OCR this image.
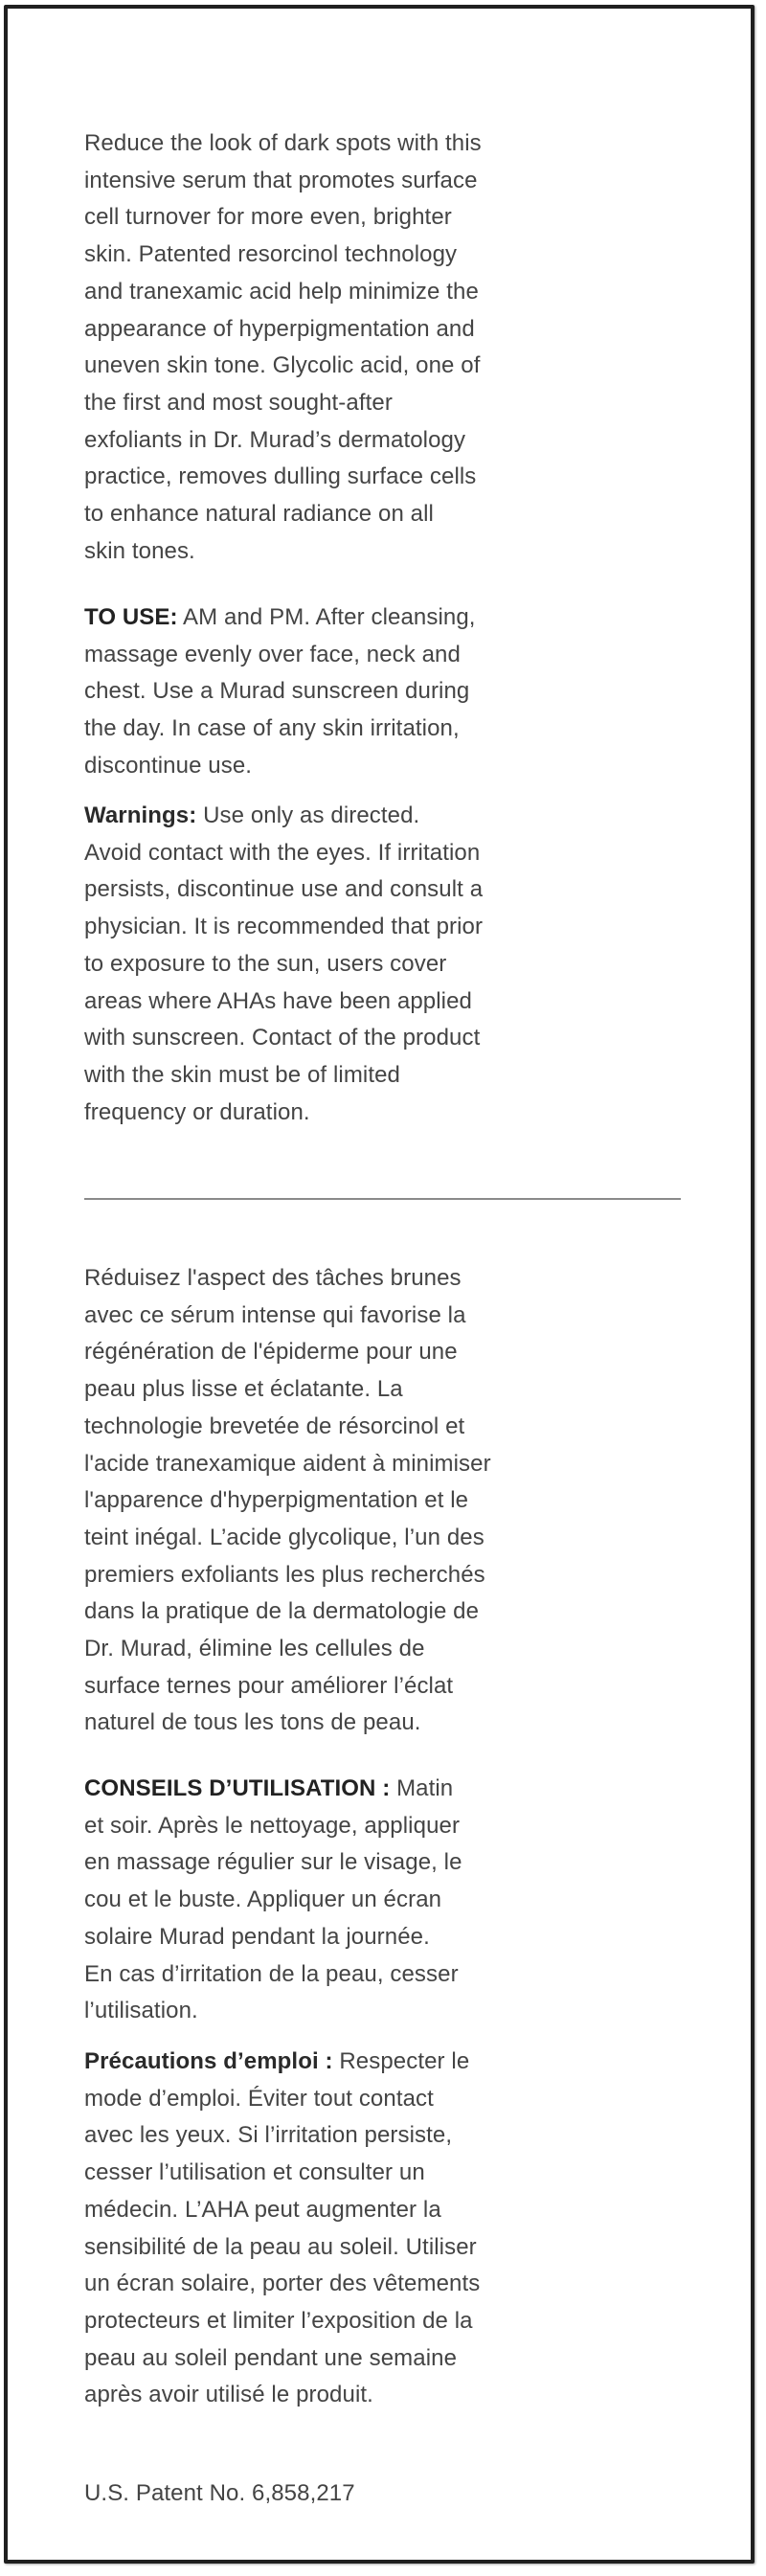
Reduce the look of dark spots with this
intensive serum that promotes surface
cell turnover for more even, brighter
skin. Patented resorcinol technology
and tranexamic acid help minimize the
appearance of hyperpigmentation and
uneven skin tone. Glycolic acid, one of
the first and most sought-after
exfoliants in Dr. Murad’s dermatology
practice, removes dulling surface cells
to enhance natural radiance on all
skin tones.
TO USE: AM and PM. After cleansing,
massage evenly over face, neck and
chest. Use a Murad sunscreen during
the day. In case of any skin irritation,
discontinue use.
Warnings: Use only as directed.
Avoid contact with the eyes. If irritation
persists, discontinue use and consult a
physician. It is recommended that prior
to exposure to the sun, users cover
areas where AHAs have been applied
with sunscreen. Contact of the product
with the skin must be of limited
frequency or duration.
Réduisez l'aspect des tâches brunes
avec ce sérum intense qui favorise la
régénération de l'épiderme pour une
peau plus lisse et éclatante. La
technologie brevetée de résorcinol et
l'acide tranexamique aident à minimiser
l'apparence d'hyperpigmentation et le
teint inégal. L’acide glycolique, l’un des
premiers exfoliants les plus recherchés
dans la pratique de la dermatologie de
Dr. Murad, élimine les cellules de
surface ternes pour améliorer l’éclat
naturel de tous les tons de peau.
CONSEILS D’UTILISATION : Matin
et soir. Après le nettoyage, appliquer
en massage régulier sur le visage, le
cou et le buste. Appliquer un écran
solaire Murad pendant la journée.
En cas d’irritation de la peau, cesser
l’utilisation.
Précautions d’emploi : Respecter le
mode d’emploi. Éviter tout contact
avec les yeux. Si l’irritation persiste,
cesser l’utilisation et consulter un
médecin. L’AHA peut augmenter la
sensibilité de la peau au soleil. Utiliser
un écran solaire, porter des vêtements
protecteurs et limiter l’exposition de la
peau au soleil pendant une semaine
après avoir utilisé le produit.
U.S. Patent No. 6,858,217
